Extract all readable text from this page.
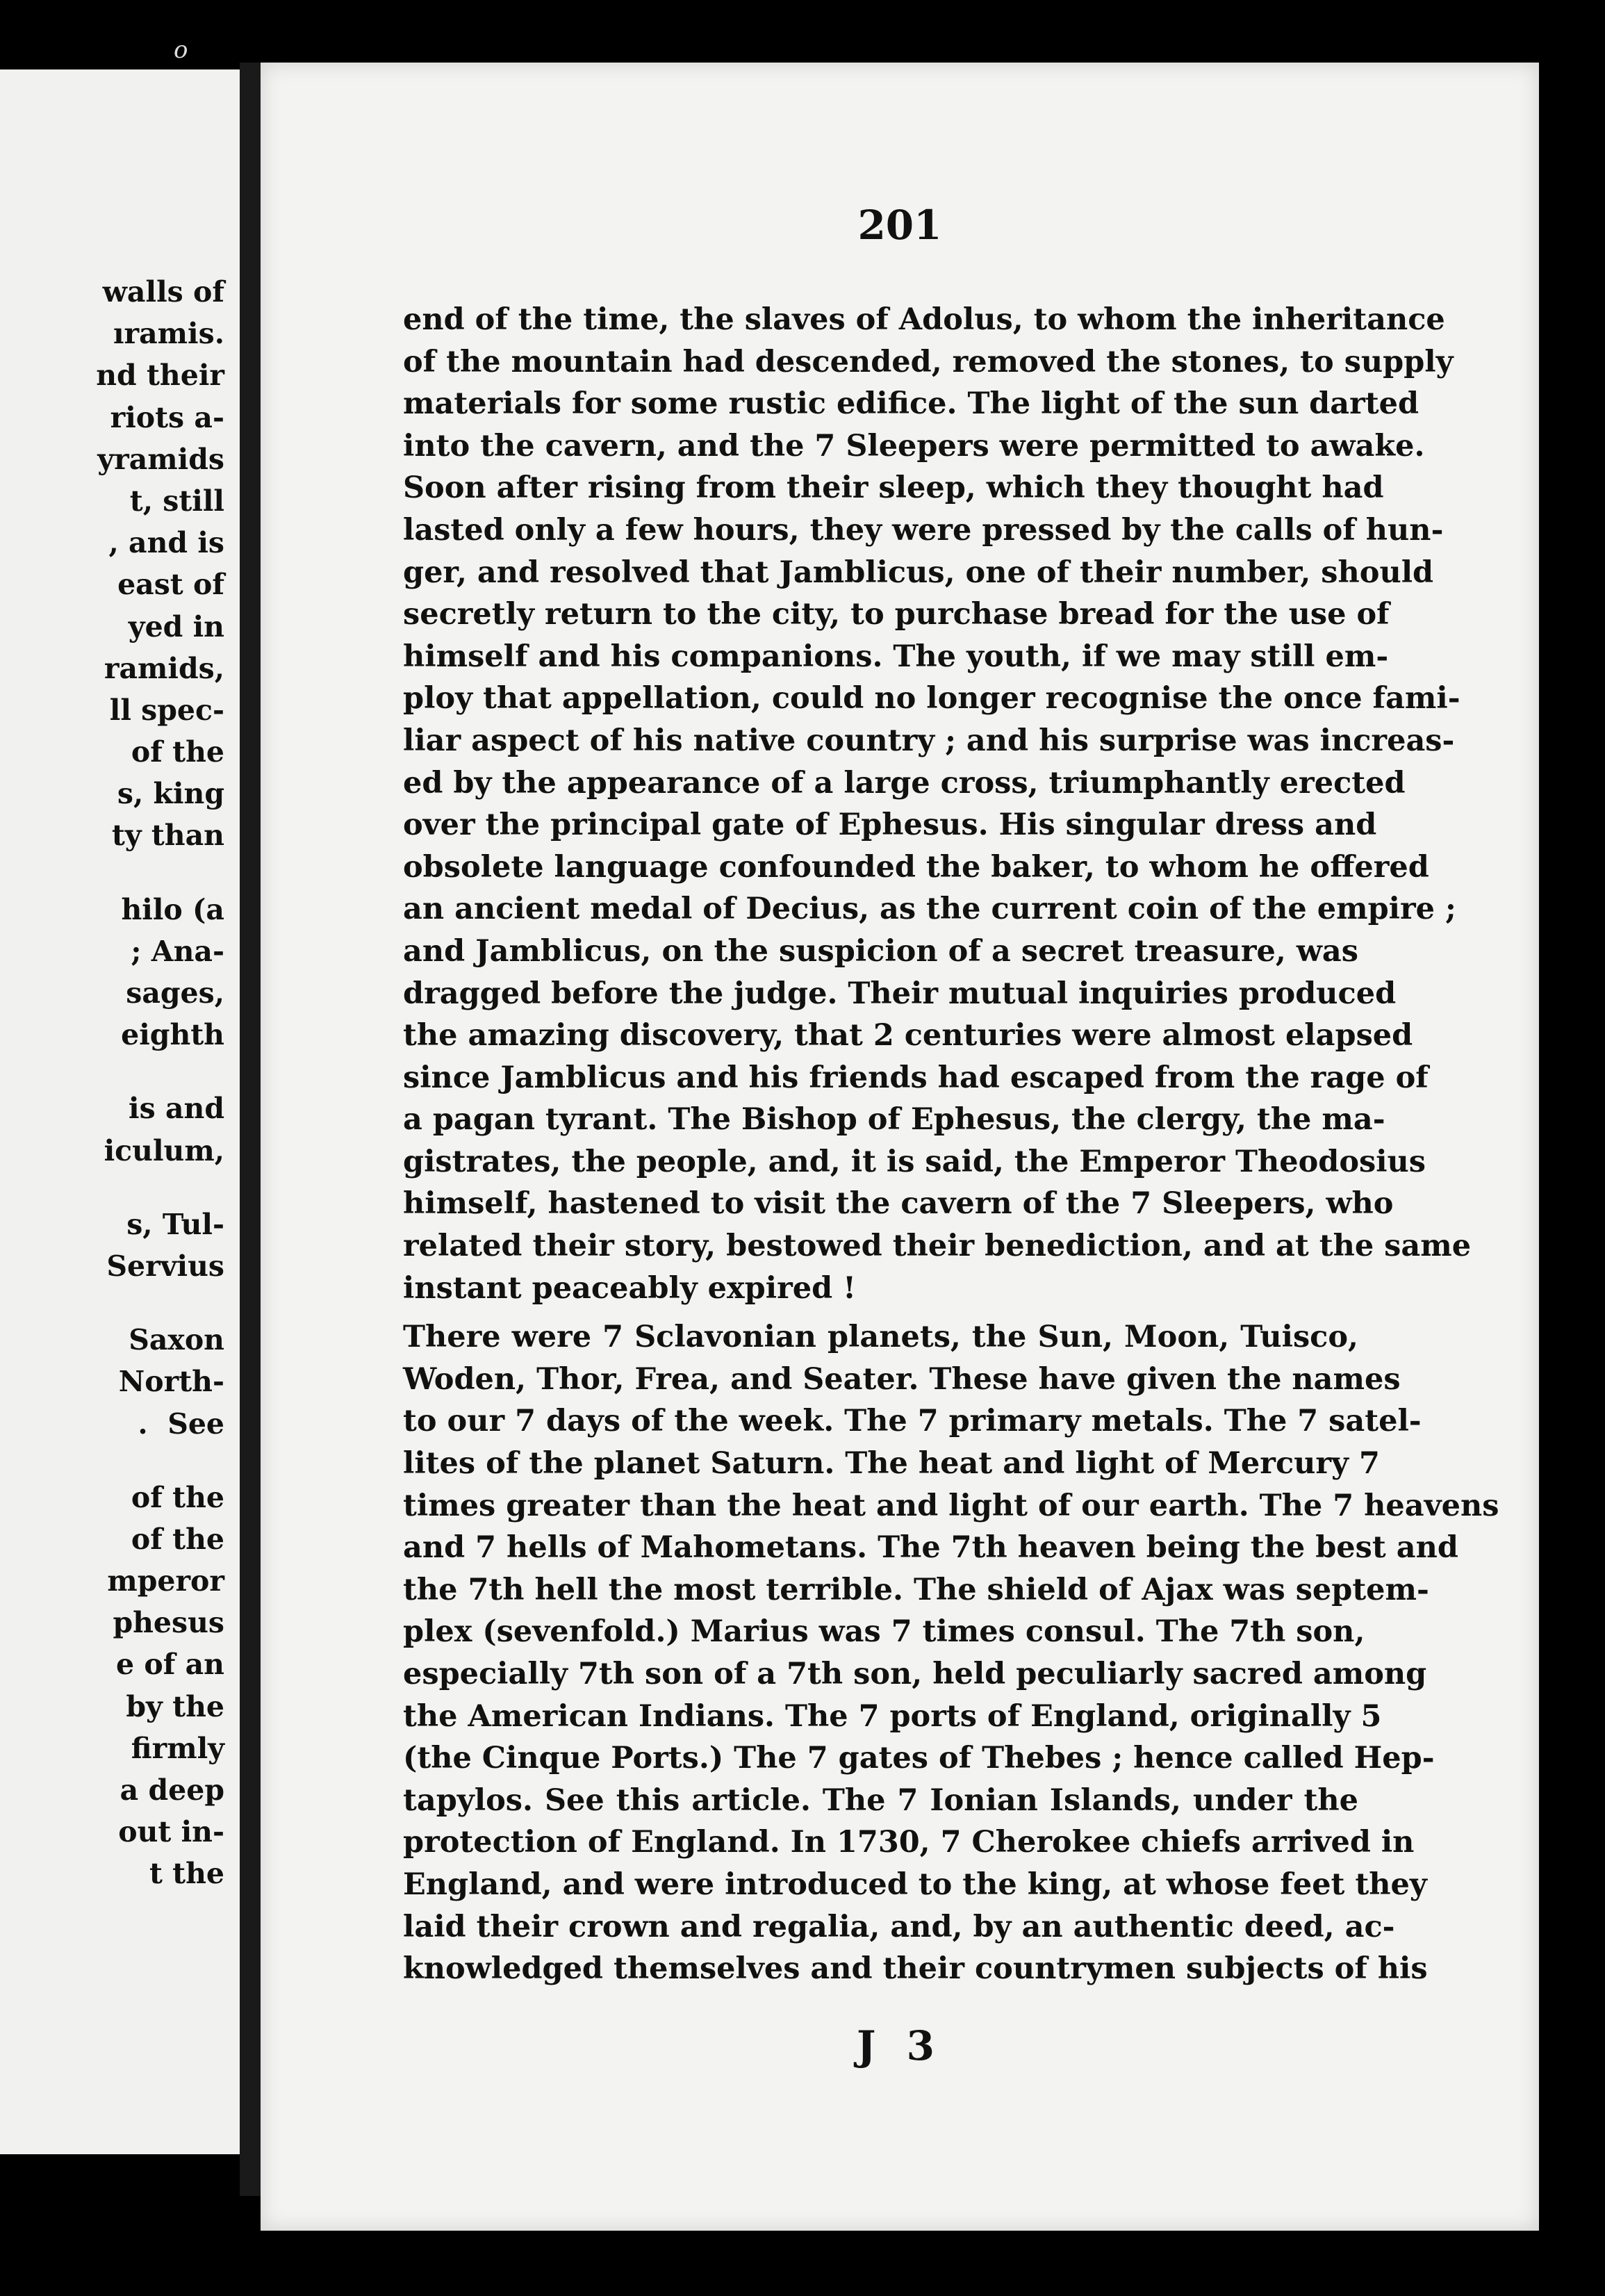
o
walls of
ıramis.
nd their
riots a-
yramids
t, still
, and is
east of
yed in
ramids,
ll spec-
of the
s, king
ty than
hilo (a
; Ana-
sages,
eighth
is and
iculum,
s, Tul-
Servius
Saxon
North-
.  See
of the
of the
mperor
phesus
e of an
by the
firmly
a deep
out in-
t the
201
end of the time, the slaves of Adolus, to whom the inheritance
of the mountain had descended, removed the stones, to supply
materials for some rustic edifice. The light of the sun darted
into the cavern, and the 7 Sleepers were permitted to awake.
Soon after rising from their sleep, which they thought had
lasted only a few hours, they were pressed by the calls of hun-
ger, and resolved that Jamblicus, one of their number, should
secretly return to the city, to purchase bread for the use of
himself and his companions. The youth, if we may still em-
ploy that appellation, could no longer recognise the once fami-
liar aspect of his native country ; and his surprise was increas-
ed by the appearance of a large cross, triumphantly erected
over the principal gate of Ephesus. His singular dress and
obsolete language confounded the baker, to whom he offered
an ancient medal of Decius, as the current coin of the empire ;
and Jamblicus, on the suspicion of a secret treasure, was
dragged before the judge. Their mutual inquiries produced
the amazing discovery, that 2 centuries were almost elapsed
since Jamblicus and his friends had escaped from the rage of
a pagan tyrant. The Bishop of Ephesus, the clergy, the ma-
gistrates, the people, and, it is said, the Emperor Theodosius
himself, hastened to visit the cavern of the 7 Sleepers, who
related their story, bestowed their benediction, and at the same
instant peaceably expired !
There were 7 Sclavonian planets, the Sun, Moon, Tuisco,
Woden, Thor, Frea, and Seater. These have given the names
to our 7 days of the week. The 7 primary metals. The 7 satel-
lites of the planet Saturn. The heat and light of Mercury 7
times greater than the heat and light of our earth. The 7 heavens
and 7 hells of Mahometans. The 7th heaven being the best and
the 7th hell the most terrible. The shield of Ajax was septem-
plex (sevenfold.) Marius was 7 times consul. The 7th son,
especially 7th son of a 7th son, held peculiarly sacred among
the American Indians. The 7 ports of England, originally 5
(the Cinque Ports.) The 7 gates of Thebes ; hence called Hep-
tapylos. See this article. The 7 Ionian Islands, under the
protection of England. In 1730, 7 Cherokee chiefs arrived in
England, and were introduced to the king, at whose feet they
laid their crown and regalia, and, by an authentic deed, ac-
knowledged themselves and their countrymen subjects of his
J 3
